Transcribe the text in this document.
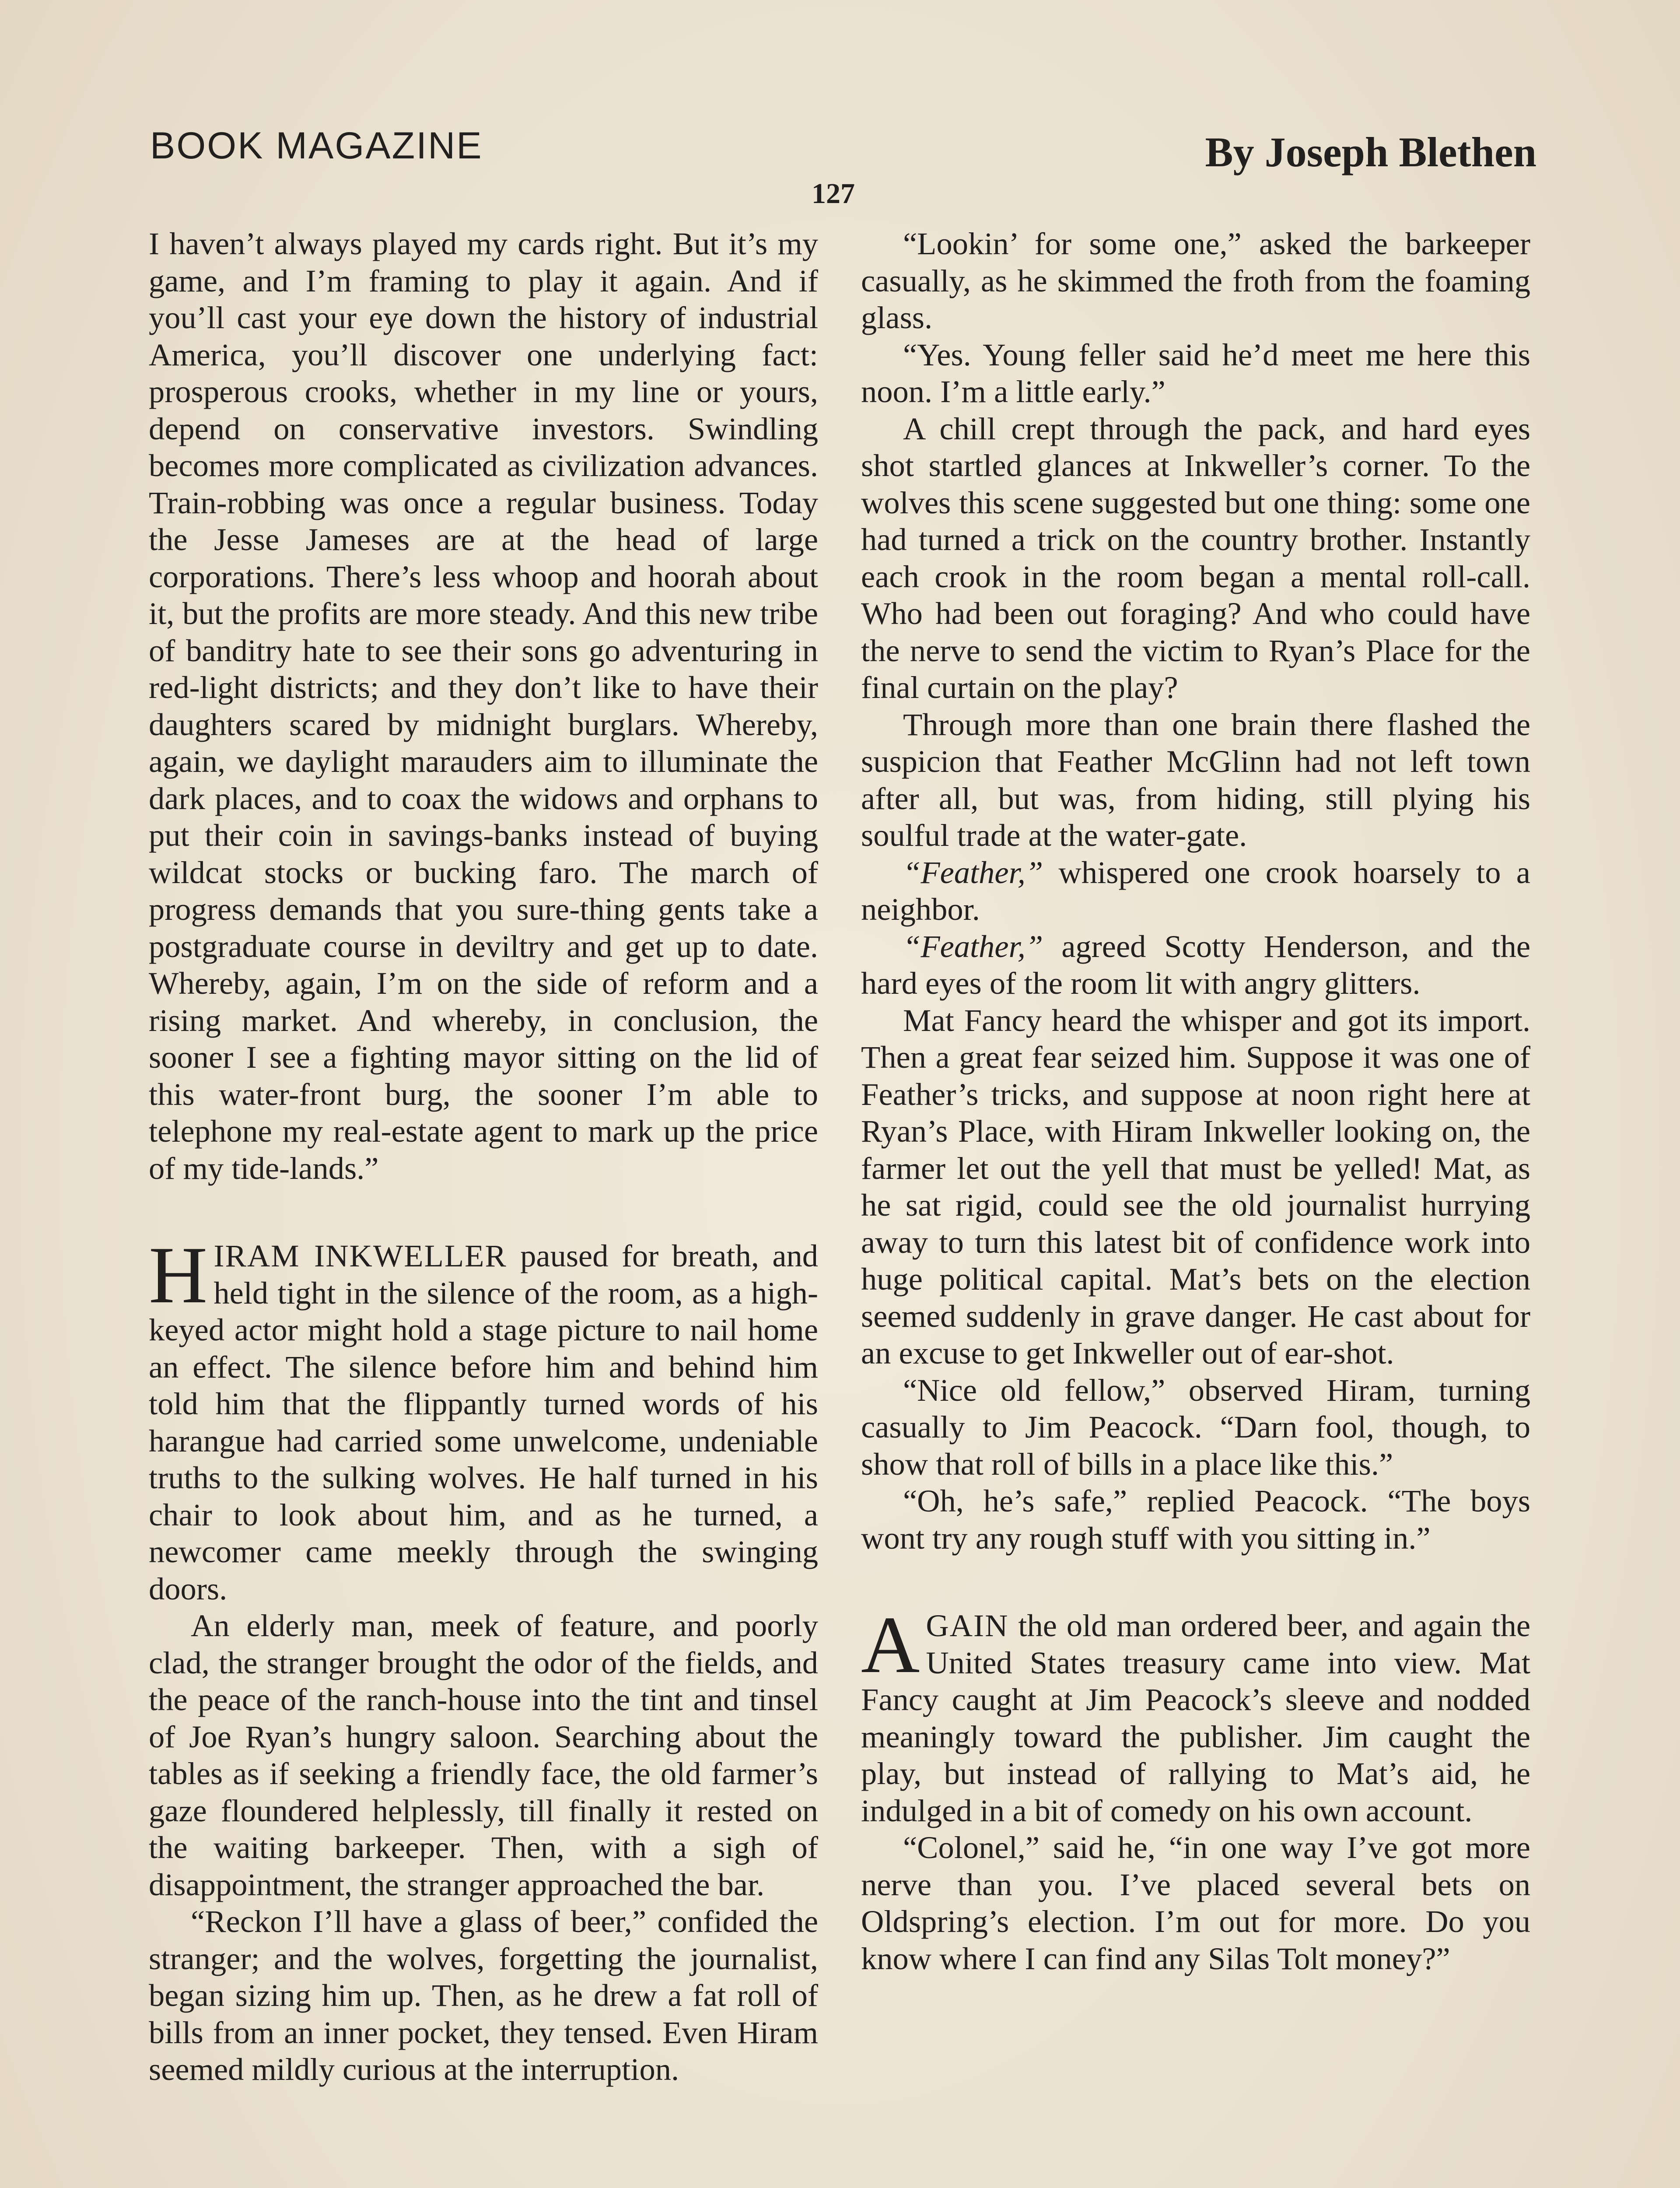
BOOK MAGAZINE	By Joseph Blethen
127

I haven’t always played my cards right. But it’s my game, and I’m framing to play it again. And if you’ll cast your eye down the history of industrial America, you’ll discover one underlying fact: prosperous crooks, whether in my line or yours, depend on conservative investors. Swindling becomes more complicated as civilization advances. Train-robbing was once a regular business. Today the Jesse Jameses are at the head of large corporations. There’s less whoop and hoorah about it, but the profits are more steady. And this new tribe of banditry hate to see their sons go adventuring in red-light districts; and they don’t like to have their daughters scared by midnight burglars. Whereby, again, we daylight marauders aim to illuminate the dark places, and to coax the widows and orphans to put their coin in savings-banks instead of buying wildcat stocks or bucking faro. The march of progress demands that you sure-thing gents take a postgraduate course in deviltry and get up to date. Whereby, again, I’m on the side of reform and a rising market. And whereby, in conclusion, the sooner I see a fighting mayor sitting on the lid of this water-front burg, the sooner I’m able to telephone my real-estate agent to mark up the price of my tide-lands.”

HIRAM INKWELLER paused for breath, and held tight in the silence of the room, as a high-keyed actor might hold a stage picture to nail home an effect. The silence before him and behind him told him that the flippantly turned words of his harangue had carried some unwelcome, undeniable truths to the sulking wolves. He half turned in his chair to look about him, and as he turned, a newcomer came meekly through the swinging doors.

An elderly man, meek of feature, and poorly clad, the stranger brought the odor of the fields, and the peace of the ranch-house into the tint and tinsel of Joe Ryan’s hungry saloon. Searching about the tables as if seeking a friendly face, the old farmer’s gaze floundered helplessly, till finally it rested on the waiting barkeeper. Then, with a sigh of disappointment, the stranger approached the bar.

“Reckon I’ll have a glass of beer,” confided the stranger; and the wolves, forgetting the journalist, began sizing him up. Then, as he drew a fat roll of bills from an inner pocket, they tensed. Even Hiram seemed mildly curious at the interruption.

“Lookin’ for some one,” asked the barkeeper casually, as he skimmed the froth from the foaming glass.

“Yes. Young feller said he’d meet me here this noon. I’m a little early.”

A chill crept through the pack, and hard eyes shot startled glances at Inkweller’s corner. To the wolves this scene suggested but one thing: some one had turned a trick on the country brother. Instantly each crook in the room began a mental roll-call. Who had been out foraging? And who could have the nerve to send the victim to Ryan’s Place for the final curtain on the play?

Through more than one brain there flashed the suspicion that Feather McGlinn had not left town after all, but was, from hiding, still plying his soulful trade at the water-gate.

“Feather,” whispered one crook hoarsely to a neighbor.

“Feather,” agreed Scotty Henderson, and the hard eyes of the room lit with angry glitters.

Mat Fancy heard the whisper and got its import. Then a great fear seized him. Suppose it was one of Feather’s tricks, and suppose at noon right here at Ryan’s Place, with Hiram Inkweller looking on, the farmer let out the yell that must be yelled! Mat, as he sat rigid, could see the old journalist hurrying away to turn this latest bit of confidence work into huge political capital. Mat’s bets on the election seemed suddenly in grave danger. He cast about for an excuse to get Inkweller out of ear-shot.

“Nice old fellow,” observed Hiram, turning casually to Jim Peacock. “Darn fool, though, to show that roll of bills in a place like this.”

“Oh, he’s safe,” replied Peacock. “The boys wont try any rough stuff with you sitting in.”

AGAIN the old man ordered beer, and again the United States treasury came into view. Mat Fancy caught at Jim Peacock’s sleeve and nodded meaningly toward the publisher. Jim caught the play, but instead of rallying to Mat’s aid, he indulged in a bit of comedy on his own account.

“Colonel,” said he, “in one way I’ve got more nerve than you. I’ve placed several bets on Oldspring’s election. I’m out for more. Do you know where I can find any Silas Tolt money?”
